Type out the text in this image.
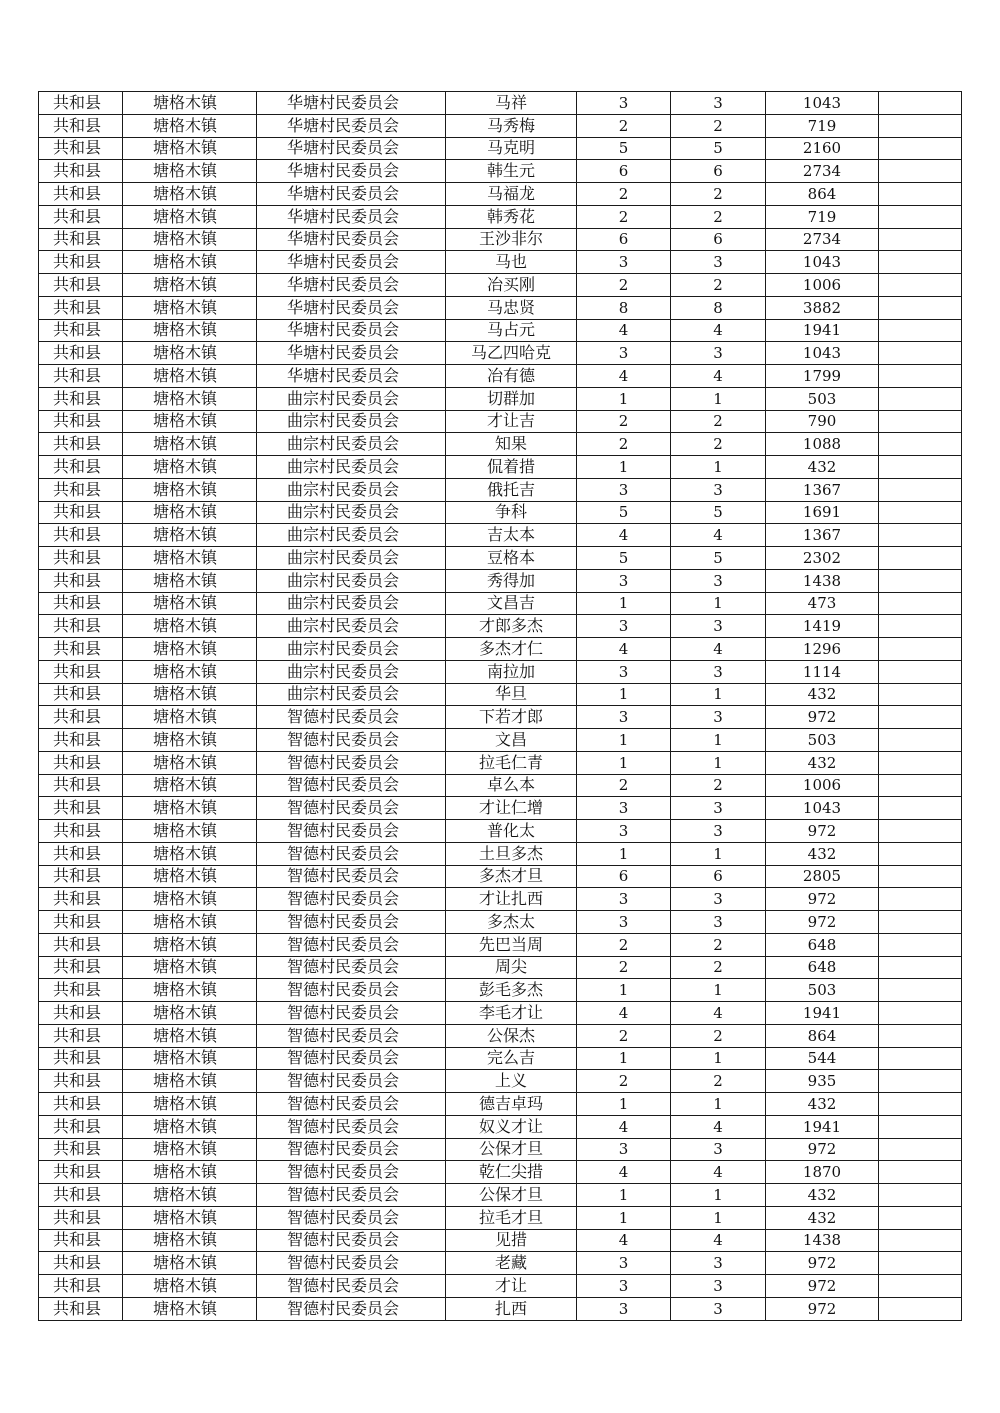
共和县	塘格木镇	华塘村民委员会	马祥	3	3	1043	
共和县	塘格木镇	华塘村民委员会	马秀梅	2	2	719	
共和县	塘格木镇	华塘村民委员会	马克明	5	5	2160	
共和县	塘格木镇	华塘村民委员会	韩生元	6	6	2734	
共和县	塘格木镇	华塘村民委员会	马福龙	2	2	864	
共和县	塘格木镇	华塘村民委员会	韩秀花	2	2	719	
共和县	塘格木镇	华塘村民委员会	王沙非尔	6	6	2734	
共和县	塘格木镇	华塘村民委员会	马也	3	3	1043	
共和县	塘格木镇	华塘村民委员会	冶买刚	2	2	1006	
共和县	塘格木镇	华塘村民委员会	马忠贤	8	8	3882	
共和县	塘格木镇	华塘村民委员会	马占元	4	4	1941	
共和县	塘格木镇	华塘村民委员会	马乙四哈克	3	3	1043	
共和县	塘格木镇	华塘村民委员会	冶有德	4	4	1799	
共和县	塘格木镇	曲宗村民委员会	切群加	1	1	503	
共和县	塘格木镇	曲宗村民委员会	才让吉	2	2	790	
共和县	塘格木镇	曲宗村民委员会	知果	2	2	1088	
共和县	塘格木镇	曲宗村民委员会	侃着措	1	1	432	
共和县	塘格木镇	曲宗村民委员会	俄托吉	3	3	1367	
共和县	塘格木镇	曲宗村民委员会	争科	5	5	1691	
共和县	塘格木镇	曲宗村民委员会	吉太本	4	4	1367	
共和县	塘格木镇	曲宗村民委员会	豆格本	5	5	2302	
共和县	塘格木镇	曲宗村民委员会	秀得加	3	3	1438	
共和县	塘格木镇	曲宗村民委员会	文昌吉	1	1	473	
共和县	塘格木镇	曲宗村民委员会	才郎多杰	3	3	1419	
共和县	塘格木镇	曲宗村民委员会	多杰才仁	4	4	1296	
共和县	塘格木镇	曲宗村民委员会	南拉加	3	3	1114	
共和县	塘格木镇	曲宗村民委员会	华旦	1	1	432	
共和县	塘格木镇	智德村民委员会	下若才郎	3	3	972	
共和县	塘格木镇	智德村民委员会	文昌	1	1	503	
共和县	塘格木镇	智德村民委员会	拉毛仁青	1	1	432	
共和县	塘格木镇	智德村民委员会	卓么本	2	2	1006	
共和县	塘格木镇	智德村民委员会	才让仁增	3	3	1043	
共和县	塘格木镇	智德村民委员会	普化太	3	3	972	
共和县	塘格木镇	智德村民委员会	土旦多杰	1	1	432	
共和县	塘格木镇	智德村民委员会	多杰才旦	6	6	2805	
共和县	塘格木镇	智德村民委员会	才让扎西	3	3	972	
共和县	塘格木镇	智德村民委员会	多杰太	3	3	972	
共和县	塘格木镇	智德村民委员会	先巴当周	2	2	648	
共和县	塘格木镇	智德村民委员会	周尖	2	2	648	
共和县	塘格木镇	智德村民委员会	彭毛多杰	1	1	503	
共和县	塘格木镇	智德村民委员会	李毛才让	4	4	1941	
共和县	塘格木镇	智德村民委员会	公保杰	2	2	864	
共和县	塘格木镇	智德村民委员会	完么吉	1	1	544	
共和县	塘格木镇	智德村民委员会	上义	2	2	935	
共和县	塘格木镇	智德村民委员会	德吉卓玛	1	1	432	
共和县	塘格木镇	智德村民委员会	奴义才让	4	4	1941	
共和县	塘格木镇	智德村民委员会	公保才旦	3	3	972	
共和县	塘格木镇	智德村民委员会	乾仁尖措	4	4	1870	
共和县	塘格木镇	智德村民委员会	公保才旦	1	1	432	
共和县	塘格木镇	智德村民委员会	拉毛才旦	1	1	432	
共和县	塘格木镇	智德村民委员会	见措	4	4	1438	
共和县	塘格木镇	智德村民委员会	老藏	3	3	972	
共和县	塘格木镇	智德村民委员会	才让	3	3	972	
共和县	塘格木镇	智德村民委员会	扎西	3	3	972	
